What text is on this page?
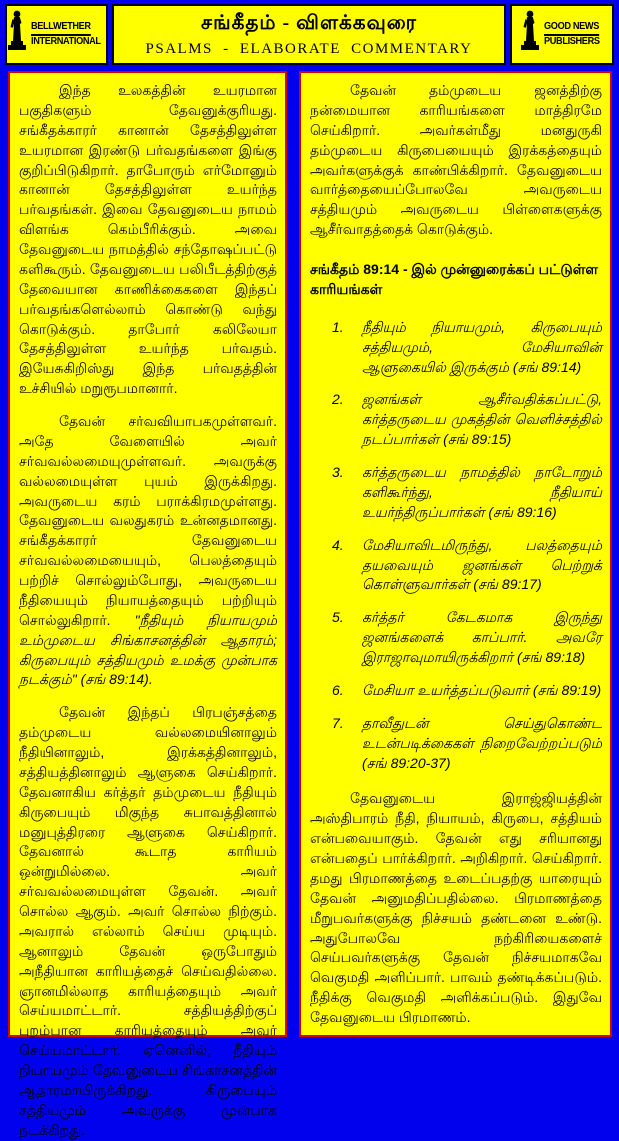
BELLWETHER
INTERNATIONAL
சங்கீதம் - விளக்கவுரை
PSALMS - ELABORATE COMMENTARY
GOOD NEWS
PUBLISHERS

இந்த உலகத்தின் உயரமான பகுதிகளும் தேவனுக்குரியது. சங்கீதக்காரர் கானான் தேசத்திலுள்ள உயரமான இரண்டு பர்வதங்களை இங்கு குறிப்பிடுகிறார். தாபோரும் எர்மோனும் கானான் தேசத்திலுள்ள உயர்ந்த பர்வதங்கள். இவை தேவனுடைய நாமம் விளங்க கெம்பீரிக்கும். அவை தேவனுடைய நாமத்தில் சந்தோஷப்பட்டு களிகூரும். தேவனுடைய பலிபீடத்திற்குத் தேவையான காணிக்கைகளை இந்தப் பர்வதங்களெல்லாம் கொண்டு வந்து கொடுக்கும். தாபோர் கலிலேயா தேசத்திலுள்ள உயர்ந்த பர்வதம். இயேசுகிறிஸ்து இந்த பர்வதத்தின் உச்சியில் மறுரூபமானார்.

தேவன் சர்வவியாபகமுள்ளவர். அதே வேளையில் அவர் சர்வவல்லமையுமுள்ளவர். அவருக்கு வல்லமையுள்ள புயம் இருக்கிறது. அவருடைய கரம் பராக்கிரமமுள்ளது. தேவனுடைய வலதுகரம் உன்னதமானது. சங்கீதக்காரர் தேவனுடைய சர்வவல்லமையையும், பெலத்தையும் பற்றிச் சொல்லும்போது, அவருடைய நீதியையும் நியாயத்தையும் பற்றியும் சொல்லுகிறார். "நீதியும் நியாயமும் உம்முடைய சிங்காசனத்தின் ஆதாரம்; கிருபையும் சத்தியமும் உமக்கு முன்பாக நடக்கும்" (சங் 89:14).

தேவன் இந்தப் பிரபஞ்சத்தை தம்முடைய வல்லமையினாலும் நீதியினாலும், இரக்கத்தினாலும், சத்தியத்தினாலும் ஆளுகை செய்கிறார். தேவனாகிய கர்த்தர் தம்முடைய நீதியும் கிருபையும் மிகுந்த சுபாவத்தினால் மனுபுத்திரரை ஆளுகை செய்கிறார். தேவனால் கூடாத காரியம் ஒன்றுமில்லை. அவர் சர்வவல்லமையுள்ள தேவன். அவர் சொல்ல ஆகும். அவர் சொல்ல நிற்கும். அவரால் எல்லாம் செய்ய முடியும். ஆனாலும் தேவன் ஒருபோதும் அநீதியான காரியத்தைச் செய்வதில்லை. ஞானமில்லாத காரியத்தையும் அவர் செய்யமாட்டார். சத்தியத்திற்குப் புறம்பான காரியத்தையும் அவர் செய்யமாட்டார். ஏனெனில், நீதியும் நியாயமும் தேவனுடைய சிங்காசனத்தின் ஆதாரமாயிருக்கிறது. கிருபையும் சத்தியமும் அவருக்கு முன்பாக நடக்கிறது.

தேவன் தம்முடைய ஜனத்திற்கு நன்மையான காரியங்களை மாத்திரமே செய்கிறார். அவர்கள்மீது மனதுருகி தம்முடைய கிருபையையும் இரக்கத்தையும் அவர்களுக்குக் காண்பிக்கிறார். தேவனுடைய வார்த்தையைப்போலவே அவருடைய சத்தியமும் அவருடைய பிள்ளைகளுக்கு ஆசீர்வாதத்தைக் கொடுக்கும்.

சங்கீதம் 89:14 - இல் முன்னுரைக்கப் பட்டுள்ள காரியங்கள்
1. நீதியும் நியாயமும், கிருபையும் சத்தியமும், மேசியாவின் ஆளுகையில் இருக்கும் (சங் 89:14)
2. ஜனங்கள் ஆசீர்வதிக்கப்பட்டு, கர்த்தருடைய முகத்தின் வெளிச்சத்தில் நடப்பார்கள் (சங் 89:15)
3. கர்த்தருடைய நாமத்தில் நாடோறும் களிகூர்ந்து, நீதியாய் உயர்ந்திருப்பார்கள் (சங் 89:16)
4. மேசியாவிடமிருந்து, பலத்தையும் தயவையும் ஜனங்கள் பெற்றுக் கொள்ளுவார்கள் (சங் 89:17)
5. கர்த்தர் கேடகமாக இருந்து ஜனங்களைக் காப்பார். அவரே இராஜாவுமாயிருக்கிறார் (சங் 89:18)
6. மேசியா உயர்த்தப்படுவார் (சங் 89:19)
7. தாவீதுடன் செய்துகொண்ட உடன்படிக்கைகள் நிறைவேற்றப்படும் (சங் 89:20-37)

தேவனுடைய இராஜ்ஜியத்தின் அஸ்திபாரம் நீதி, நியாயம், கிருபை, சத்தியம் என்பவையாகும். தேவன் எது சரியானது என்பதைப் பார்க்கிறார். அறிகிறார். செய்கிறார். தமது பிரமாணத்தை உடைப்பதற்கு யாரையும் தேவன் அனுமதிப்பதில்லை. பிரமாணத்தை மீறுபவர்களுக்கு நிச்சயம் தண்டனை உண்டு. அதுபோலவே நற்கிரியைகளைச் செய்பவர்களுக்கு தேவன் நிச்சயமாகவே வெகுமதி அளிப்பார். பாவம் தண்டிக்கப்படும். நீதிக்கு வெகுமதி அளிக்கப்படும். இதுவே தேவனுடைய பிரமாணம்.
